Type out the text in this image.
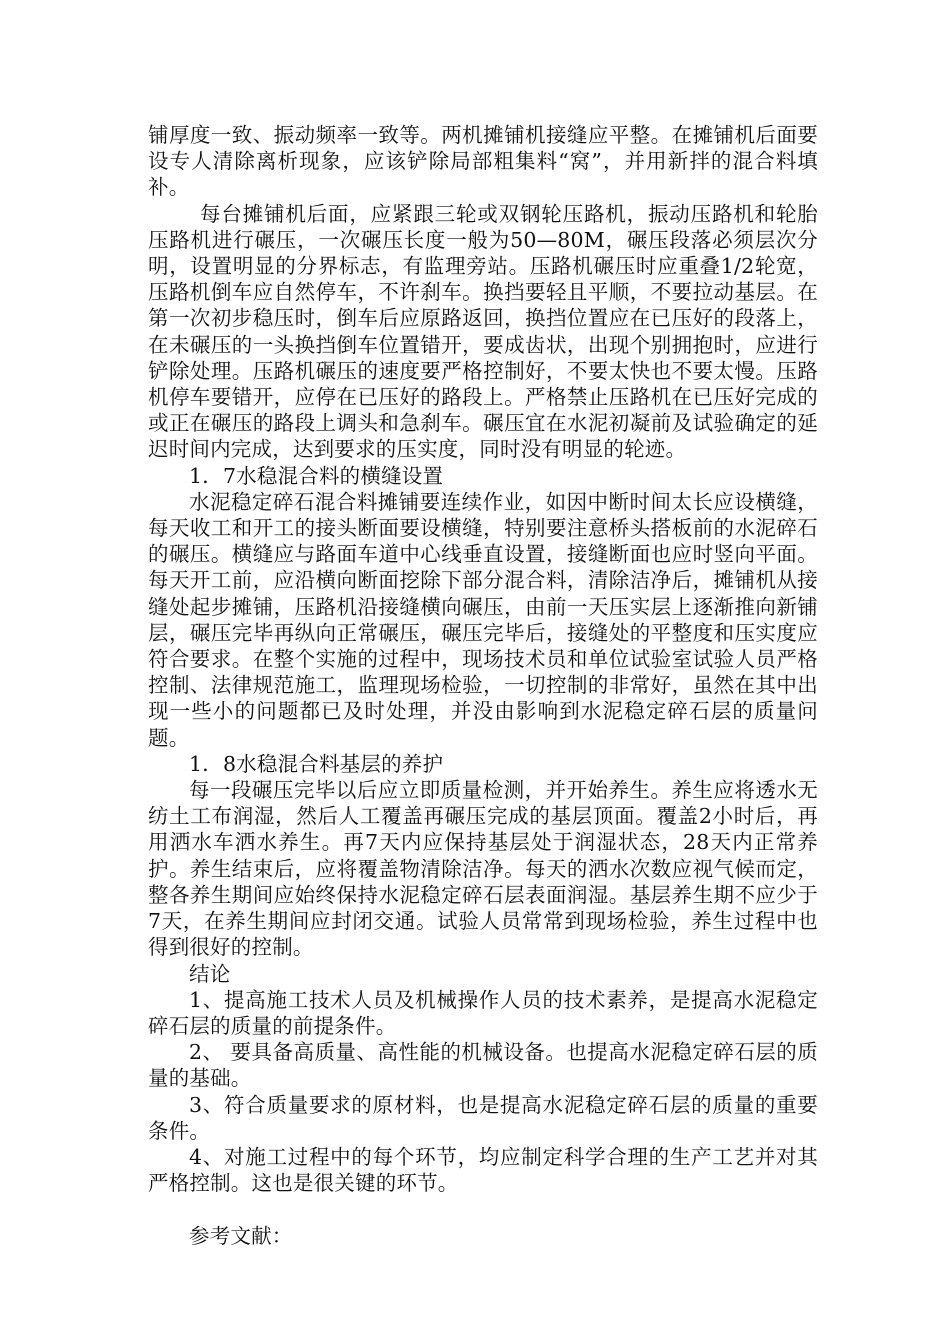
铺厚度一致、振动频率一致等。两机摊铺机接缝应平整。在摊铺机后面要设专人清除离析现象，应该铲除局部粗集料“窝”，并用新拌的混合料填补。

每台摊铺机后面，应紧跟三轮或双钢轮压路机，振动压路机和轮胎压路机进行碾压，一次碾压长度一般为50—80M，碾压段落必须层次分明，设置明显的分界标志，有监理旁站。压路机碾压时应重叠1/2轮宽，压路机倒车应自然停车，不许刹车。换挡要轻且平顺，不要拉动基层。在第一次初步稳压时，倒车后应原路返回，换挡位置应在已压好的段落上，在未碾压的一头换挡倒车位置错开，要成齿状，出现个别拥抱时，应进行铲除处理。压路机碾压的速度要严格控制好，不要太快也不要太慢。压路机停车要错开，应停在已压好的路段上。严格禁止压路机在已压好完成的或正在碾压的路段上调头和急刹车。碾压宜在水泥初凝前及试验确定的延迟时间内完成，达到要求的压实度，同时没有明显的轮迹。

1．7水稳混合料的横缝设置

水泥稳定碎石混合料摊铺要连续作业，如因中断时间太长应设横缝，每天收工和开工的接头断面要设横缝，特别要注意桥头搭板前的水泥碎石的碾压。横缝应与路面车道中心线垂直设置，接缝断面也应时竖向平面。每天开工前，应沿横向断面挖除下部分混合料，清除洁净后，摊铺机从接缝处起步摊铺，压路机沿接缝横向碾压，由前一天压实层上逐渐推向新铺层，碾压完毕再纵向正常碾压，碾压完毕后，接缝处的平整度和压实度应符合要求。在整个实施的过程中，现场技术员和单位试验室试验人员严格控制、法律规范施工，监理现场检验，一切控制的非常好，虽然在其中出现一些小的问题都已及时处理，并没由影响到水泥稳定碎石层的质量问题。

1．8水稳混合料基层的养护

每一段碾压完毕以后应立即质量检测，并开始养生。养生应将透水无纺土工布润湿，然后人工覆盖再碾压完成的基层顶面。覆盖2小时后，再用洒水车洒水养生。再7天内应保持基层处于润湿状态，28天内正常养护。养生结束后，应将覆盖物清除洁净。每天的洒水次数应视气候而定，整各养生期间应始终保持水泥稳定碎石层表面润湿。基层养生期不应少于7天，在养生期间应封闭交通。试验人员常常到现场检验，养生过程中也得到很好的控制。

结论

1、提高施工技术人员及机械操作人员的技术素养，是提高水泥稳定碎石层的质量的前提条件。

2、 要具备高质量、高性能的机械设备。也提高水泥稳定碎石层的质量的基础。

3、符合质量要求的原材料，也是提高水泥稳定碎石层的质量的重要条件。

4、对施工过程中的每个环节，均应制定科学合理的生产工艺并对其严格控制。这也是很关键的环节。

参考文献：
